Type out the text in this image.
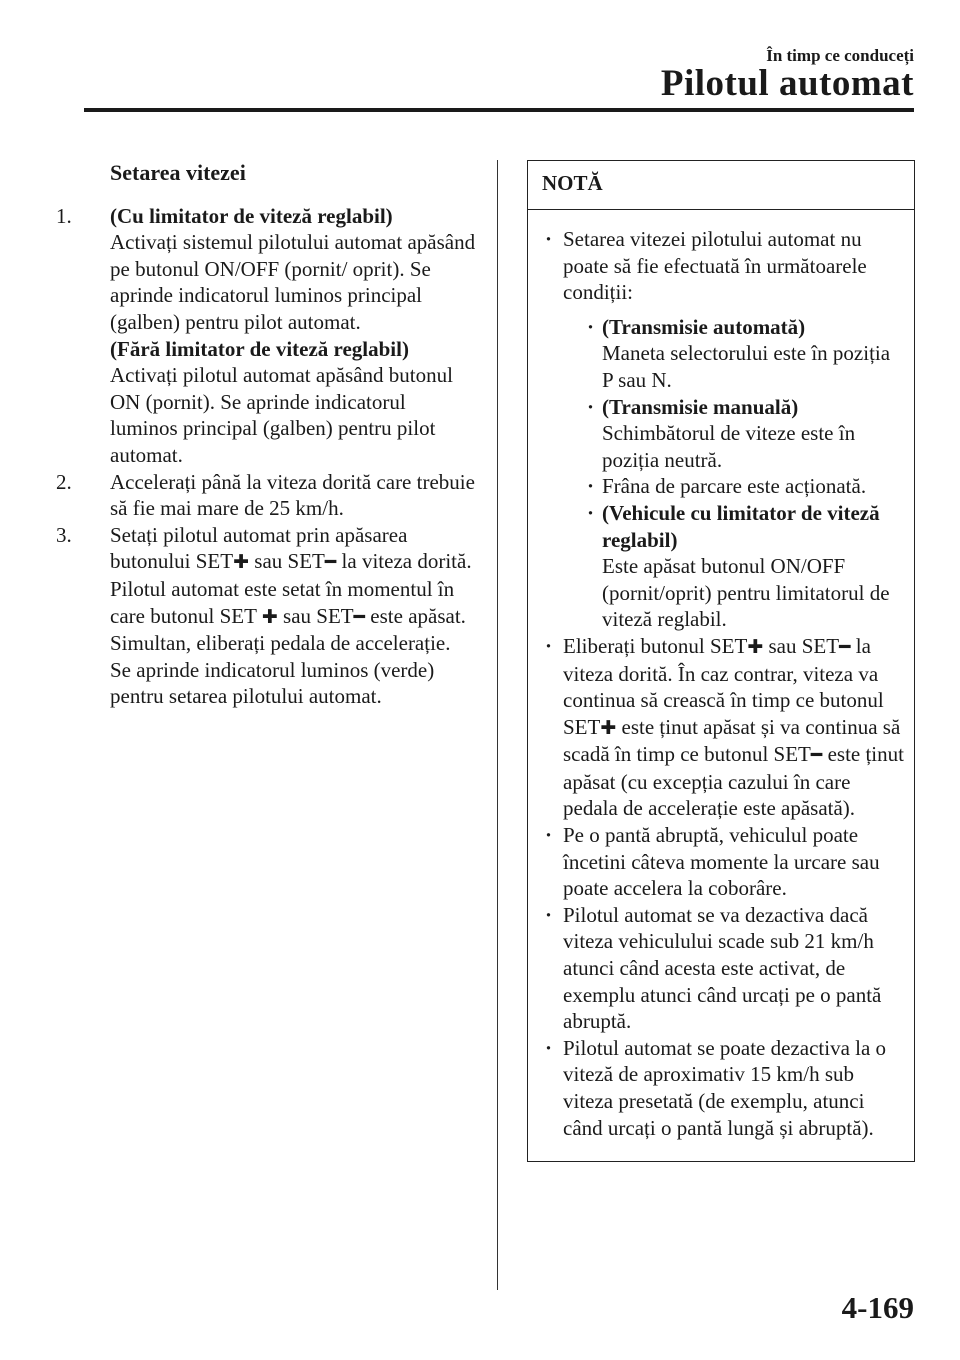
În timp ce conduceți
Pilotul automat
Setarea vitezei
1.	(Cu limitator de viteză reglabil)
Activați sistemul pilotului automat apăsând pe butonul ON/OFF (pornit/ oprit). Se aprinde indicatorul luminos principal (galben) pentru pilot automat.
(Fără limitator de viteză reglabil)
Activați pilotul automat apăsând butonul ON (pornit). Se aprinde indicatorul luminos principal (galben) pentru pilot automat.
2.	Accelerați până la viteza dorită care trebuie să fie mai mare de 25 km/h.
3.	Setați pilotul automat prin apăsarea butonului SET✚ sau SET━ la viteza dorită. Pilotul automat este setat în momentul în care butonul SET ✚ sau SET━ este apăsat. Simultan, eliberați pedala de accelerație. Se aprinde indicatorul luminos (verde) pentru setarea pilotului automat.
NOTĂ
· Setarea vitezei pilotului automat nu poate să fie efectuată în următoarele condiții:
· (Transmisie automată)
Maneta selectorului este în poziția P sau N.
· (Transmisie manuală)
Schimbătorul de viteze este în poziția neutră.
· Frâna de parcare este acționată.
· (Vehicule cu limitator de viteză reglabil)
Este apăsat butonul ON/OFF (pornit/oprit) pentru limitatorul de viteză reglabil.
· Eliberați butonul SET✚ sau SET━ la viteza dorită. În caz contrar, viteza va continua să crească în timp ce butonul SET✚ este ținut apăsat și va continua să scadă în timp ce butonul SET━ este ținut apăsat (cu excepția cazului în care pedala de accelerație este apăsată).
· Pe o pantă abruptă, vehiculul poate încetini câteva momente la urcare sau poate accelera la coborâre.
· Pilotul automat se va dezactiva dacă viteza vehiculului scade sub 21 km/h atunci când acesta este activat, de exemplu atunci când urcați pe o pantă abruptă.
· Pilotul automat se poate dezactiva la o viteză de aproximativ 15 km/h sub viteza presetată (de exemplu, atunci când urcați o pantă lungă și abruptă).
4-169
carmanualsonline.info
